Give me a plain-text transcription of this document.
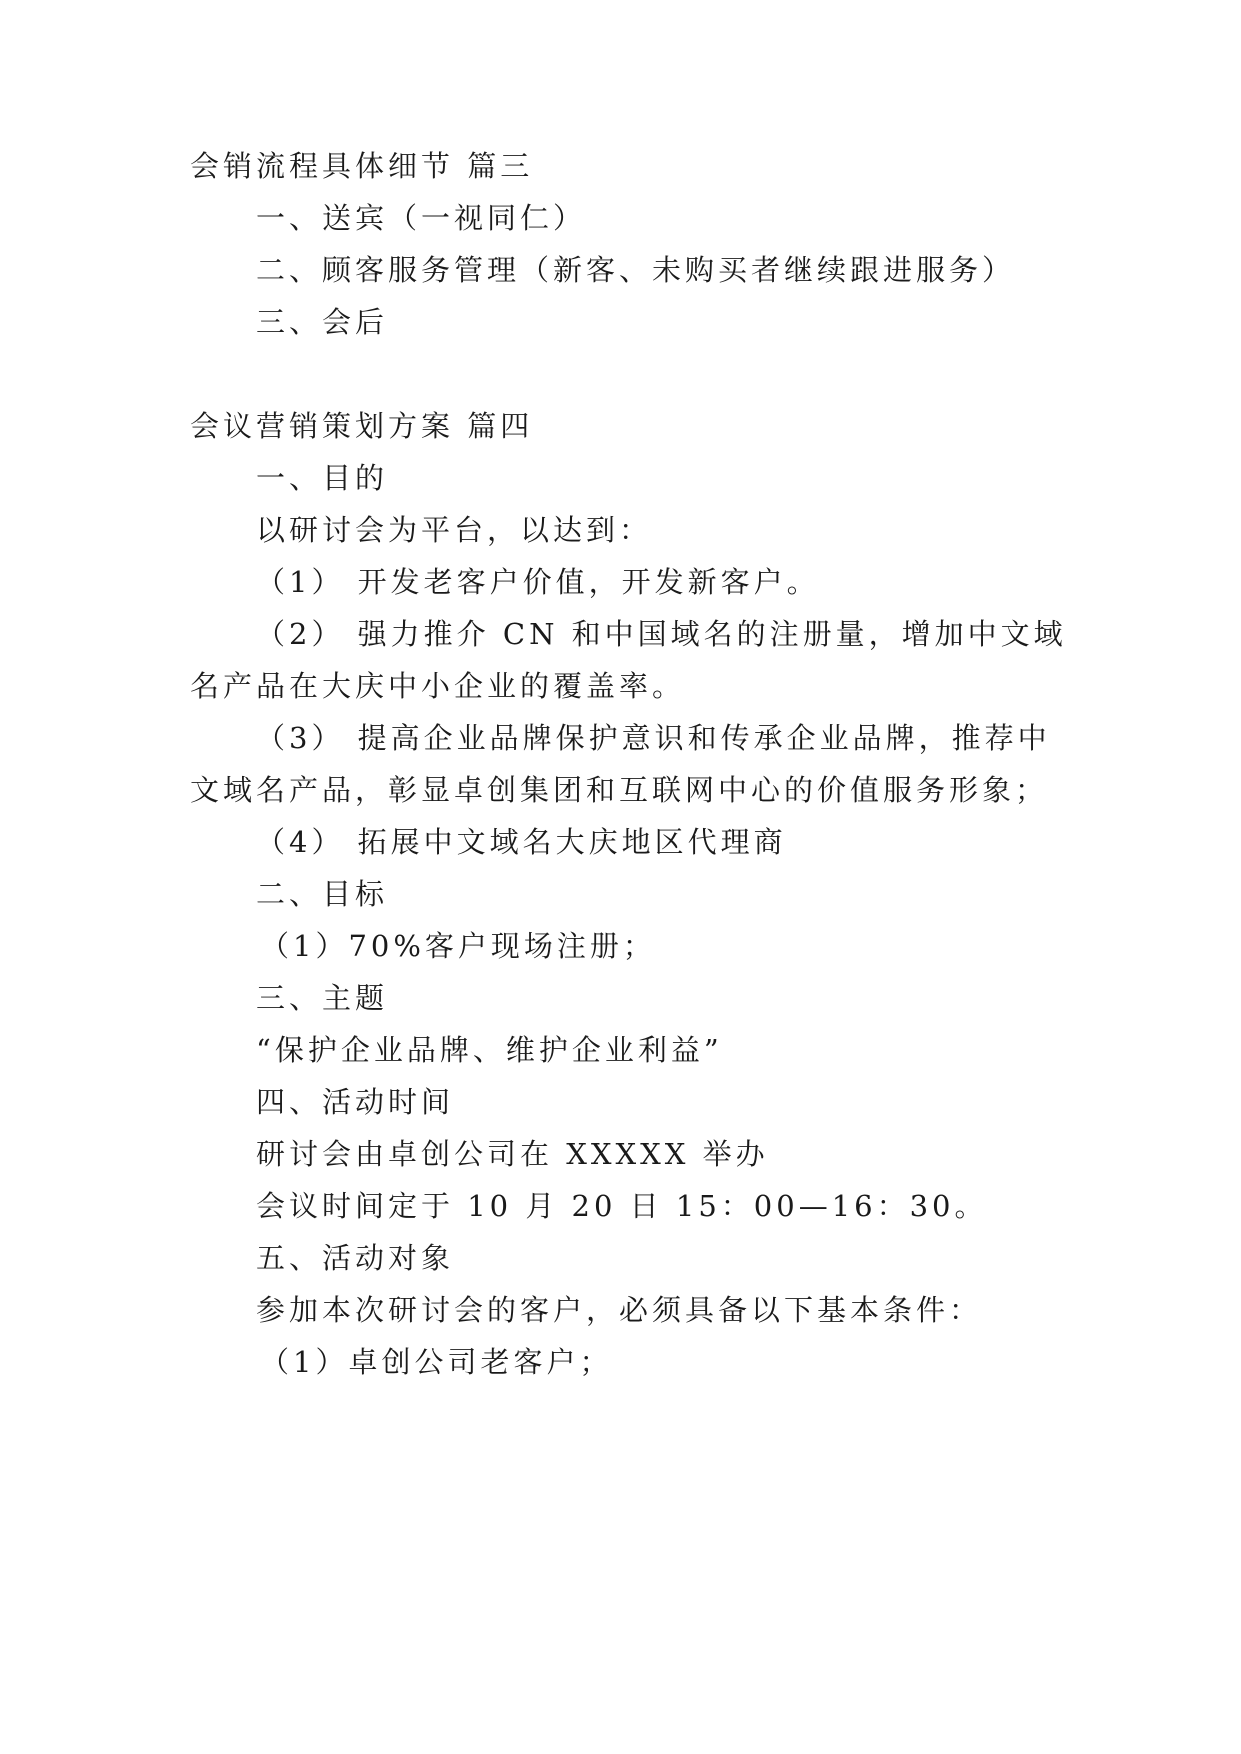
会销流程具体细节 篇三
一、送宾（一视同仁）
二、顾客服务管理（新客、未购买者继续跟进服务）
三、会后
会议营销策划方案 篇四
一、目的
以研讨会为平台，以达到：
（1） 开发老客户价值，开发新客户。
（2） 强力推介 CN 和中国域名的注册量，增加中文域
名产品在大庆中小企业的覆盖率。
（3） 提高企业品牌保护意识和传承企业品牌，推荐中
文域名产品，彰显卓创集团和互联网中心的价值服务形象；
（4） 拓展中文域名大庆地区代理商
二、目标
（1）70%客户现场注册；
三、主题
“保护企业品牌、维护企业利益”
四、活动时间
研讨会由卓创公司在 XXXXX 举办
会议时间定于 10 月 20 日 15：00—16：30。
五、活动对象
参加本次研讨会的客户，必须具备以下基本条件：
（1）卓创公司老客户；
